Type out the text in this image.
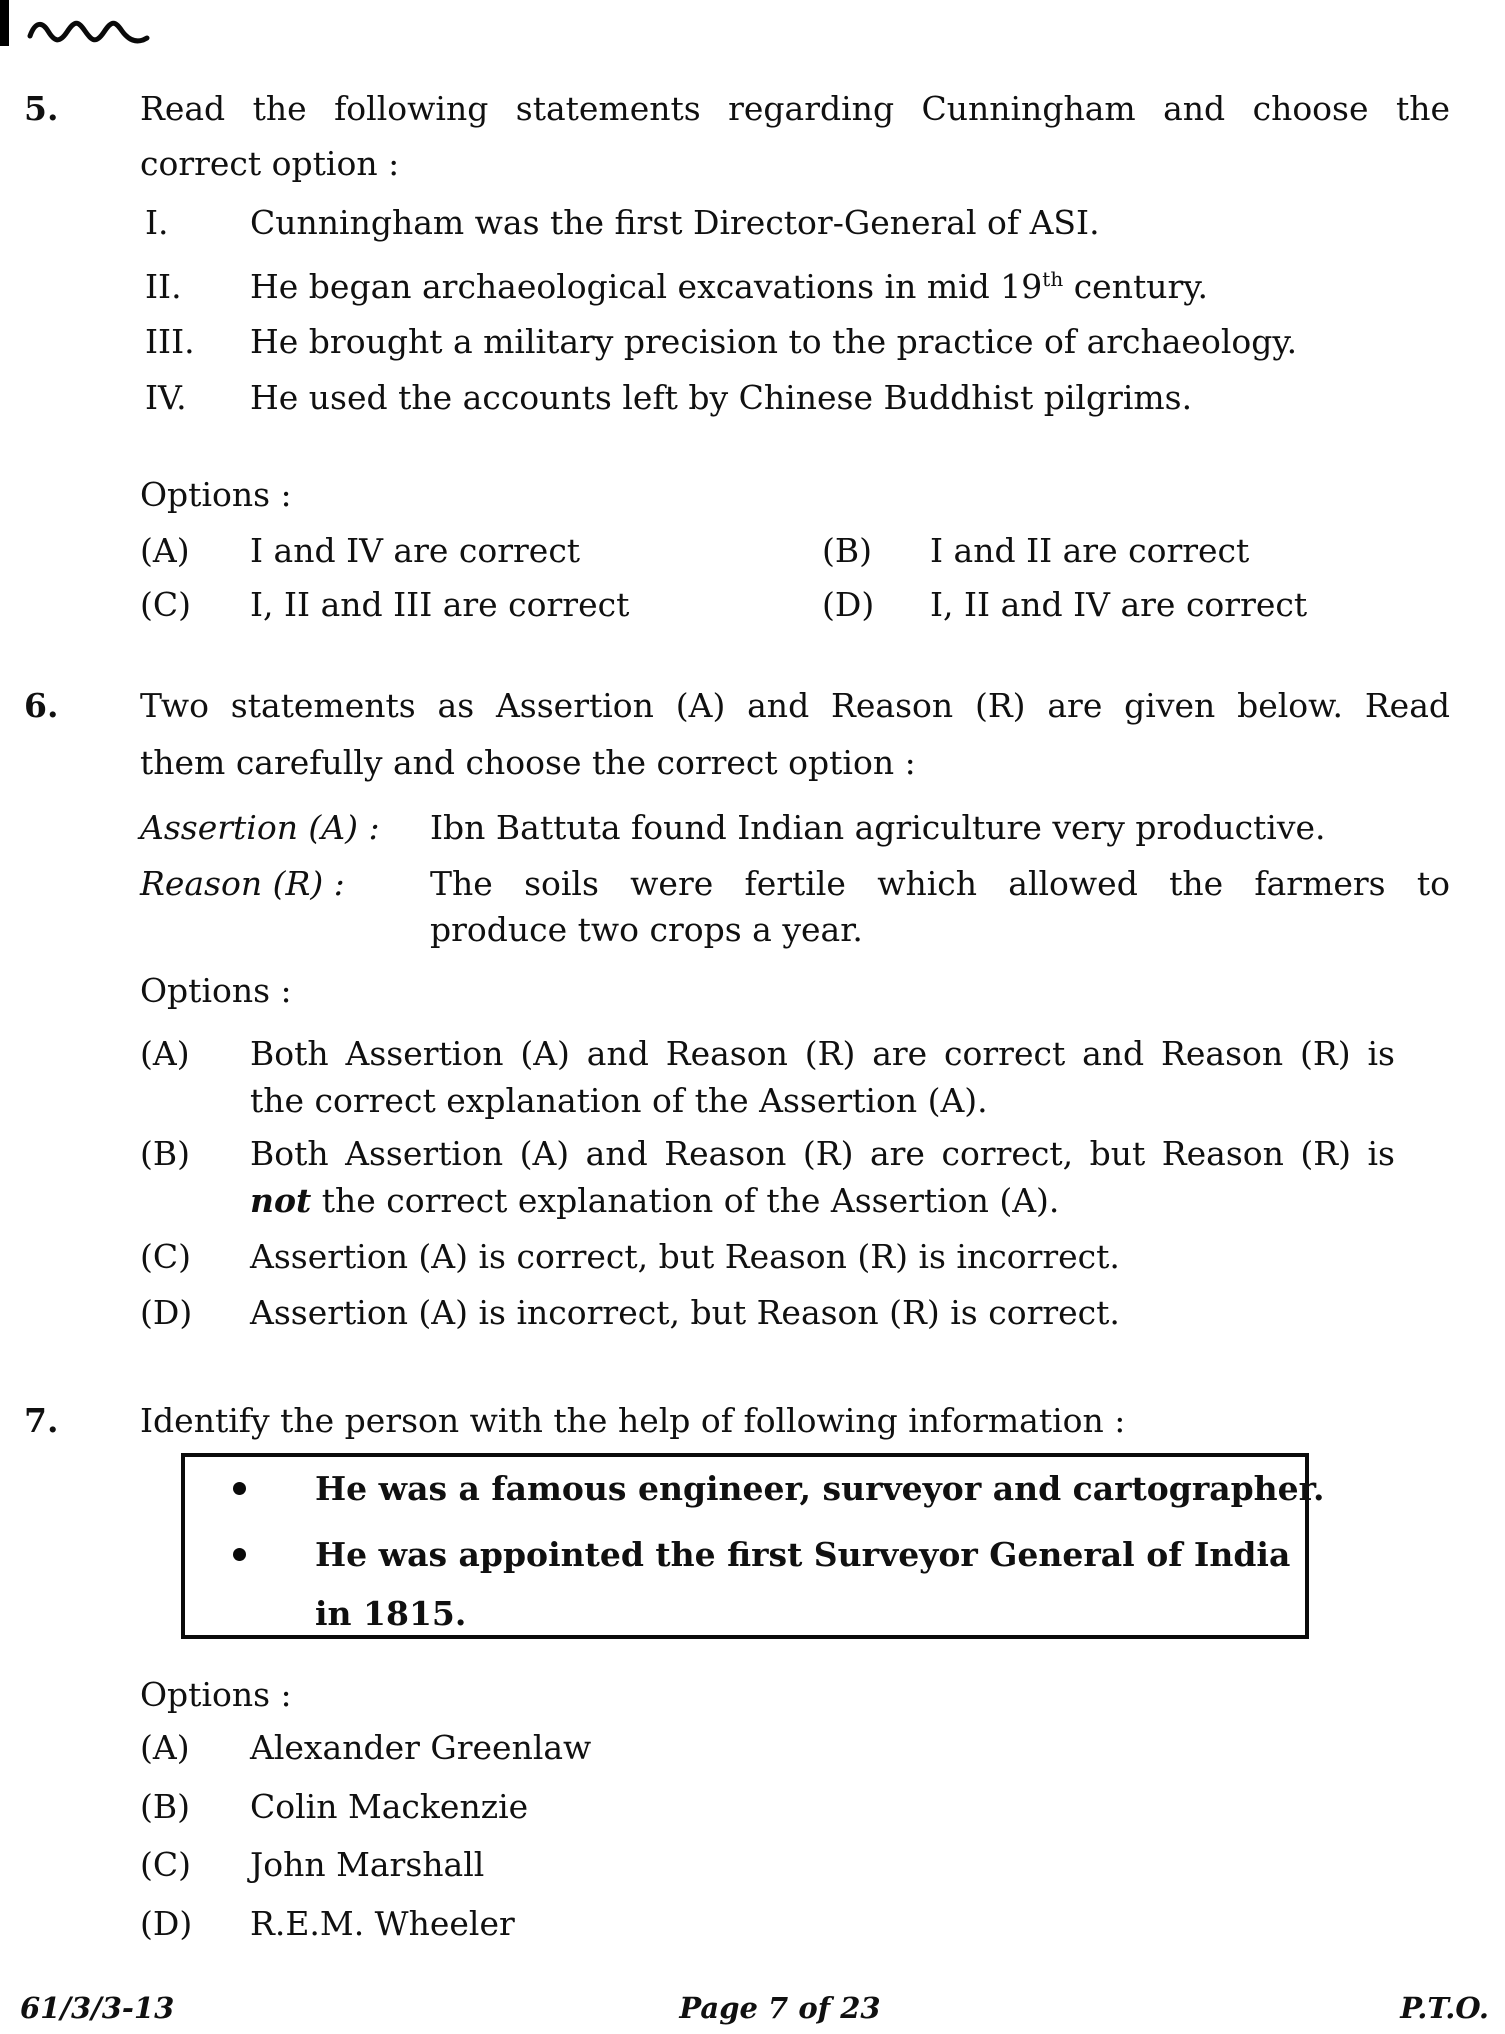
5. Read the following statements regarding Cunningham and choose the
correct option :
I. Cunningham was the first Director-General of ASI.
II. He began archaeological excavations in mid 19th century.
III. He brought a military precision to the practice of archaeology.
IV. He used the accounts left by Chinese Buddhist pilgrims.
Options :
(A) I and IV are correct	(B) I and II are correct
(C) I, II and III are correct	(D) I, II and IV are correct
6. Two statements as Assertion (A) and Reason (R) are given below. Read
them carefully and choose the correct option :
Assertion (A) : Ibn Battuta found Indian agriculture very productive.
Reason (R) :	The soils were fertile which allowed the farmers to
produce two crops a year.
Options :
(A) Both Assertion (A) and Reason (R) are correct and Reason (R) is
the correct explanation of the Assertion (A).
(B) Both Assertion (A) and Reason (R) are correct, but Reason (R) is
not the correct explanation of the Assertion (A).
(C) Assertion (A) is correct, but Reason (R) is incorrect.
(D) Assertion (A) is incorrect, but Reason (R) is correct.
7. Identify the person with the help of following information :
He was a famous engineer, surveyor and cartographer.
He was appointed the first Surveyor General of India
in 1815.
Options :
(A) Alexander Greenlaw
(B) Colin Mackenzie
(C) John Marshall
(D) R.E.M. Wheeler
61/3/3-13	Page 7 of 23	P.T.O.
